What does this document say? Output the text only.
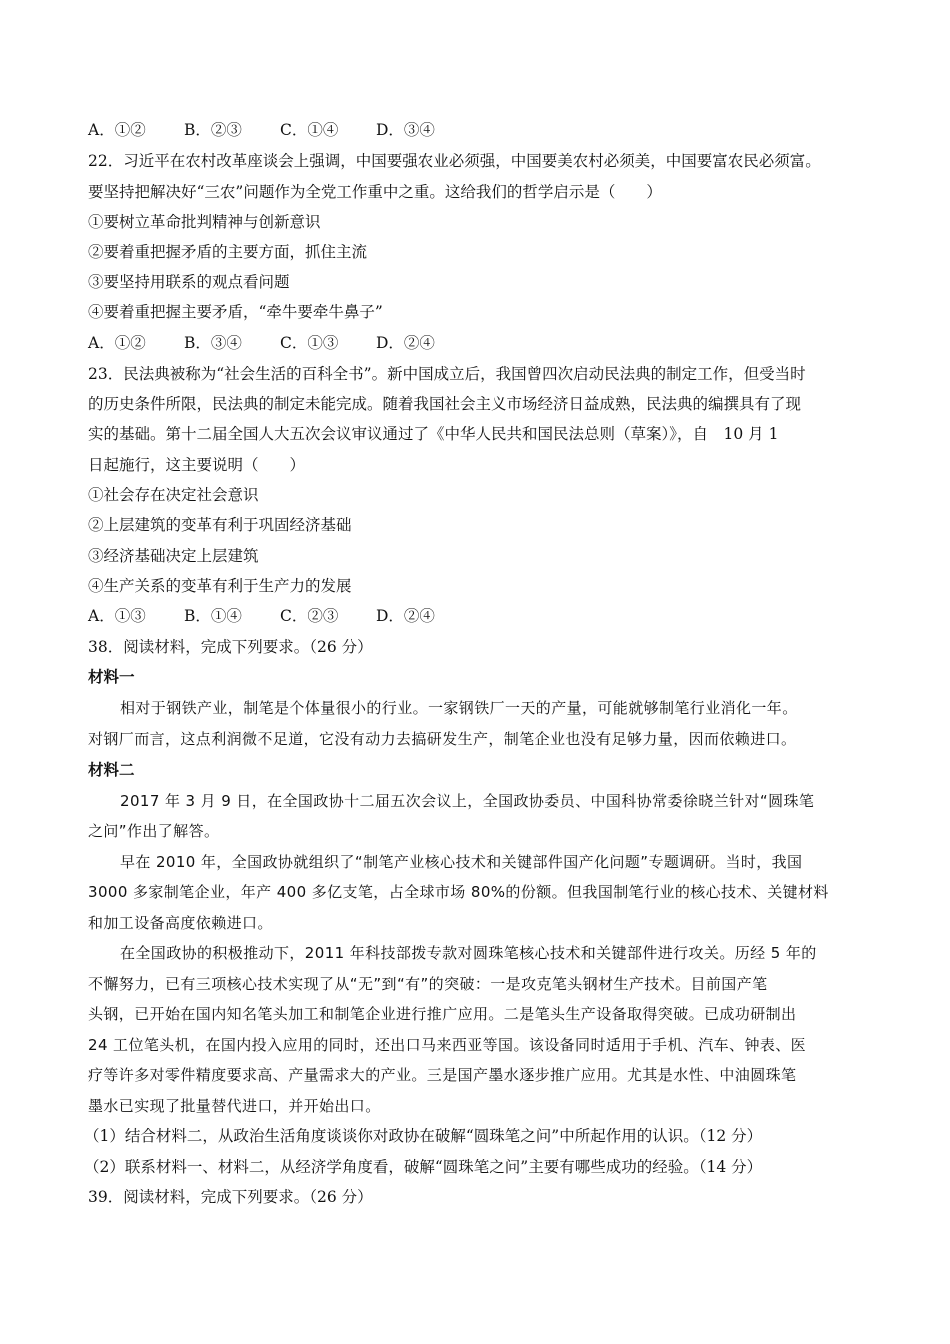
A．①② B．②③ C．①④ D．③④
22．习近平在农村改革座谈会上强调，中国要强农业必须强，中国要美农村必须美，中国要富农民必须富。
要坚持把解决好“三农”问题作为全党工作重中之重。这给我们的哲学启示是（　　）
①要树立革命批判精神与创新意识
②要着重把握矛盾的主要方面，抓住主流
③要坚持用联系的观点看问题
④要着重把握主要矛盾，“牵牛要牵牛鼻子”
A．①② B．③④ C．①③ D．②④
23．民法典被称为“社会生活的百科全书”。新中国成立后，我国曾四次启动民法典的制定工作，但受当时
的历史条件所限，民法典的制定未能完成。随着我国社会主义市场经济日益成熟，民法典的编撰具有了现
实的基础。第十二届全国人大五次会议审议通过了《中华人民共和国民法总则（草案）》，自　10 月 1
日起施行，这主要说明（　　）
①社会存在决定社会意识
②上层建筑的变革有利于巩固经济基础
③经济基础决定上层建筑
④生产关系的变革有利于生产力的发展
A．①③ B．①④ C．②③ D．②④
38．阅读材料，完成下列要求。（26 分）
材料一
相对于钢铁产业，制笔是个体量很小的行业。一家钢铁厂一天的产量，可能就够制笔行业消化一年。
对钢厂而言，这点利润微不足道，它没有动力去搞研发生产，制笔企业也没有足够力量，因而依赖进口。
材料二
2017 年 3 月 9 日，在全国政协十二届五次会议上，全国政协委员、中国科协常委徐晓兰针对“圆珠笔
之问”作出了解答。
早在 2010 年，全国政协就组织了“制笔产业核心技术和关键部件国产化问题”专题调研。当时，我国
3000 多家制笔企业，年产 400 多亿支笔，占全球市场 80%的份额。但我国制笔行业的核心技术、关键材料
和加工设备高度依赖进口。
在全国政协的积极推动下，2011 年科技部拨专款对圆珠笔核心技术和关键部件进行攻关。历经 5 年的
不懈努力，已有三项核心技术实现了从“无”到“有”的突破：一是攻克笔头钢材生产技术。目前国产笔
头钢，已开始在国内知名笔头加工和制笔企业进行推广应用。二是笔头生产设备取得突破。已成功研制出
24 工位笔头机，在国内投入应用的同时，还出口马来西亚等国。该设备同时适用于手机、汽车、钟表、医
疗等许多对零件精度要求高、产量需求大的产业。三是国产墨水逐步推广应用。尤其是水性、中油圆珠笔
墨水已实现了批量替代进口，并开始出口。
（1）结合材料二，从政治生活角度谈谈你对政协在破解“圆珠笔之问”中所起作用的认识。（12 分）
（2）联系材料一、材料二，从经济学角度看，破解“圆珠笔之问”主要有哪些成功的经验。（14 分）
39．阅读材料，完成下列要求。（26 分）
